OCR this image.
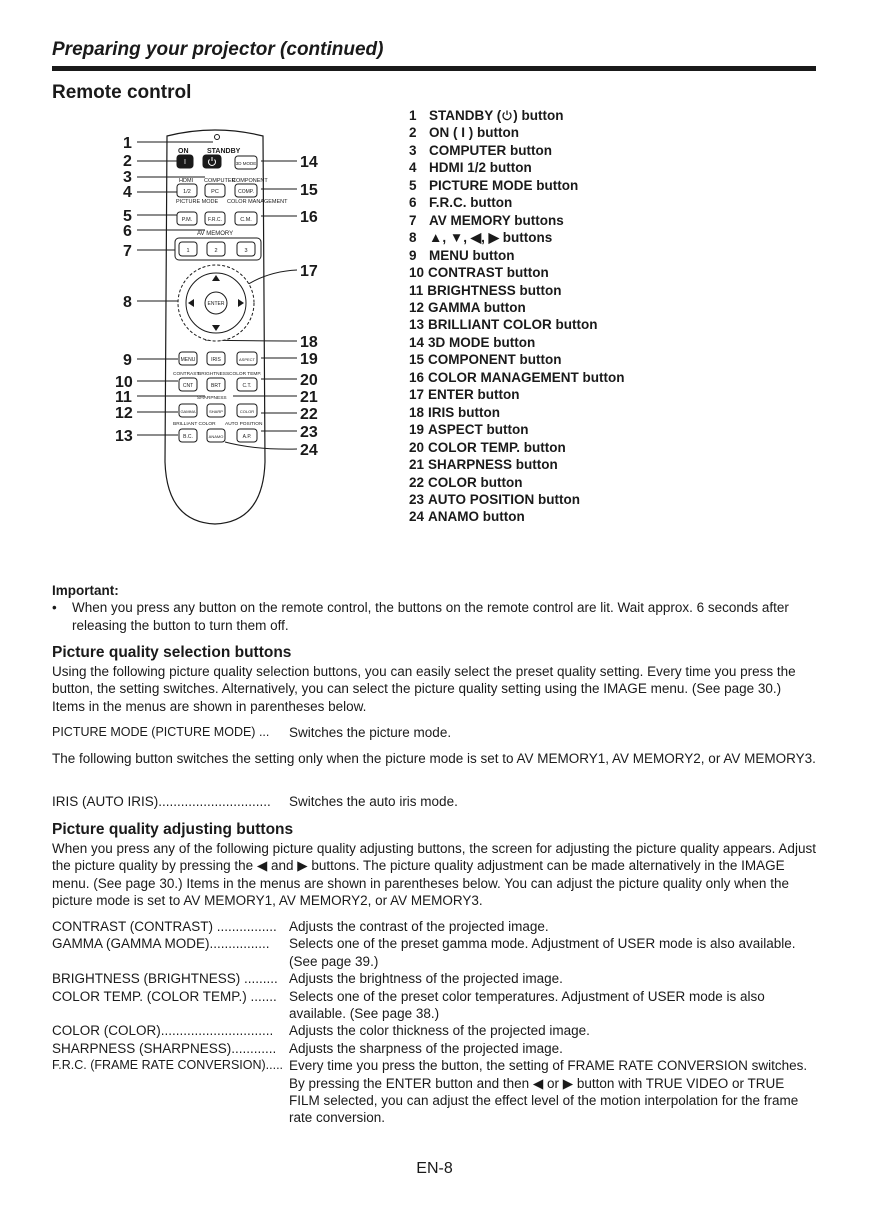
Preparing your projector (continued)
Remote control
1
2
3
4
5
6
7
8
9
10
11
12
13
14
15
16
17
18
19
20
21
22
23
24
ON	STANDBY
HDMI COMPUTER
COMPONENT
PICTURE MODE COLOR MANAGEMENT
AV MEMORY
CONTRAST
BRIGHTNESS COLOR TEMP.
SHARPNESS
BRILLIANT COLOR AUTO POSITION
I	3D MODE
1/2	PC	COMP.
P.M.	F.R.C.	C.M.
1	2	3
ENTER
MENU	IRIS	ASPECT
CNT	BRT	C.T.
GAMMA	SHARP	COLOR
B.C.	ANAMO	A.P.
1 STANDBY ( ) button
2 ON ( I ) button
3 COMPUTER button
4 HDMI 1/2 button
5 PICTURE MODE button
6 F.R.C. button
7 AV MEMORY buttons
8 ▲, ▼, ◀, ▶ buttons
9 MENU button
10 CONTRAST button
11 BRIGHTNESS button
12 GAMMA button
13 BRILLIANT COLOR button
14 3D MODE button
15 COMPONENT button
16 COLOR MANAGEMENT button
17 ENTER button
18 IRIS button
19 ASPECT button
20 COLOR TEMP. button
21 SHARPNESS button
22 COLOR button
23 AUTO POSITION button
24 ANAMO button
Important:
•	When you press any button on the remote control, the buttons on the remote control are lit. Wait approx. 6 seconds after releasing the button to turn them off.
Picture quality selection buttons
Using the following picture quality selection buttons, you can easily select the preset quality setting. Every time you press the button, the setting switches. Alternatively, you can select the picture quality setting using the IMAGE menu. (See page 30.) Items in the menus are shown in parentheses below.
PICTURE MODE (PICTURE MODE) ...	Switches the picture mode.
The following button switches the setting only when the picture mode is set to AV MEMORY1, AV MEMORY2, or AV MEMORY3.
IRIS (AUTO IRIS)..............................	Switches the auto iris mode.
Picture quality adjusting buttons
When you press any of the following picture quality adjusting buttons, the screen for adjusting the picture quality appears. Adjust the picture quality by pressing the ◀ and ▶ buttons. The picture quality adjustment can be made alternatively in the IMAGE menu. (See page 30.) Items in the menus are shown in parentheses below. You can adjust the picture quality only when the picture mode is set to AV MEMORY1, AV MEMORY2, or AV MEMORY3.
CONTRAST (CONTRAST) ................ Adjusts the contrast of the projected image.
GAMMA (GAMMA MODE)................	Selects one of the preset gamma mode. Adjustment of USER mode is also available. (See page 39.)
BRIGHTNESS (BRIGHTNESS) ......... Adjusts the brightness of the projected image.
COLOR TEMP. (COLOR TEMP.) ....... Selects one of the preset color temperatures. Adjustment of USER mode is also available. (See page 38.)
COLOR (COLOR)..............................	Adjusts the color thickness of the projected image.
SHARPNESS (SHARPNESS)............ Adjusts the sharpness of the projected image.
F.R.C. (FRAME RATE CONVERSION)..... Every time you press the button, the setting of FRAME RATE CONVERSION switches. By pressing the ENTER button and then ◀ or ▶ button with TRUE VIDEO or TRUE FILM selected, you can adjust the effect level of the motion interpolation for the frame rate conversion.
EN-8
